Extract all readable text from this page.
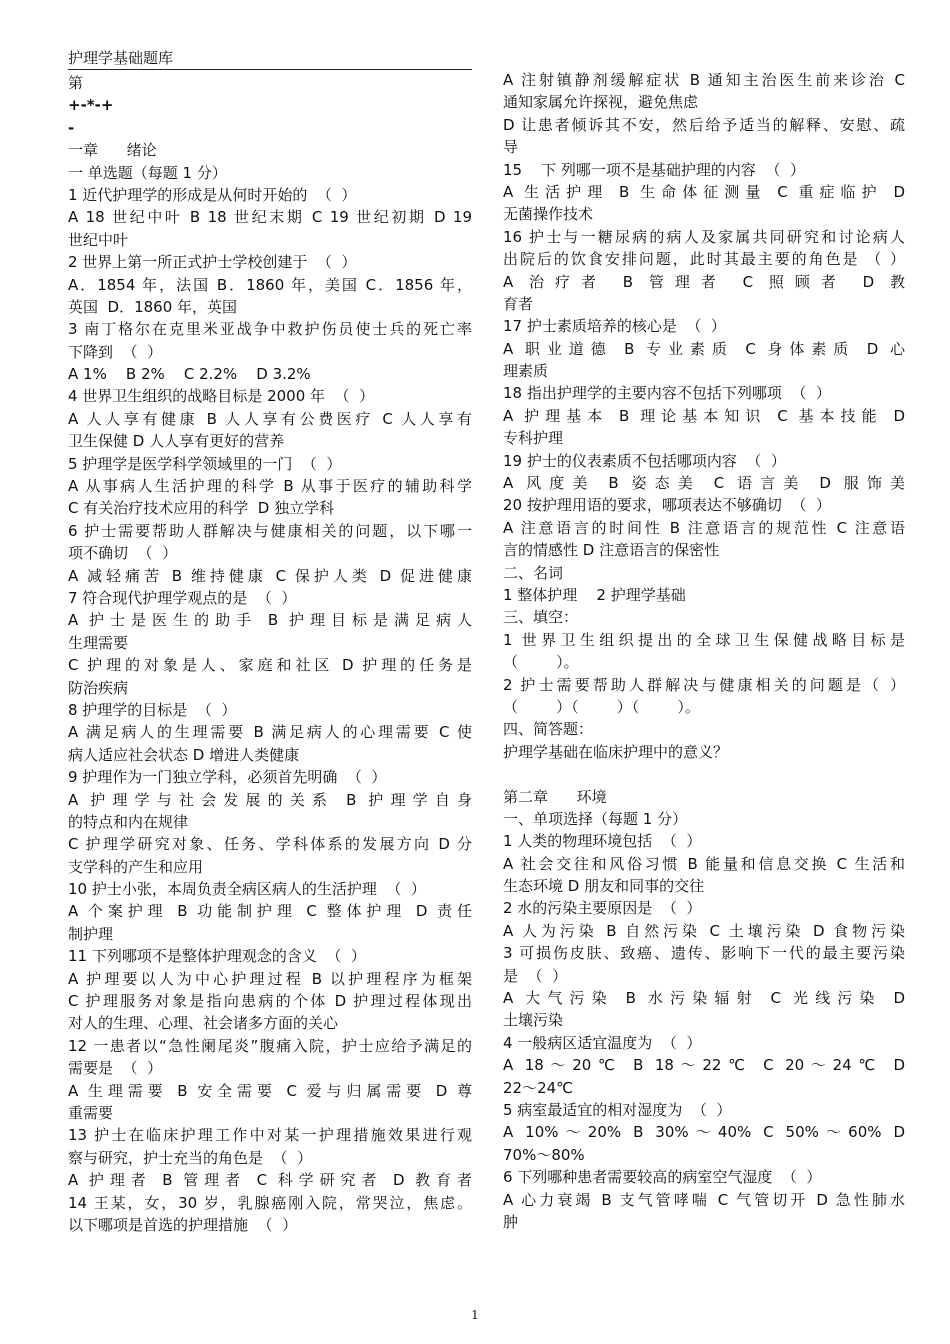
护理学基础题库
第
+-*-+
-
一章      绪论
一 单选题（每题 1 分）
1 近代护理学的形成是从何时开始的  （  ）
A 18 世纪中叶 B 18 世纪末期 C 19 世纪初期 D 19
世纪中叶
2 世界上第一所正式护士学校创建于  （  ）
A．1854 年，法国 B．1860 年，美国 C．1856 年，
英国  D．1860 年，英国
3 南丁格尔在克里米亚战争中救护伤员使士兵的死亡率
下降到  （  ）
A 1%    B 2%    C 2.2%    D 3.2%
4 世界卫生组织的战略目标是 2000 年  （  ）
A 人人享有健康 B 人人享有公费医疗 C 人人享有
卫生保健 D 人人享有更好的营养
5 护理学是医学科学领域里的一门  （  ）
A 从事病人生活护理的科学 B 从事于医疗的辅助科学
C 有关治疗技术应用的科学  D 独立学科
6 护士需要帮助人群解决与健康相关的问题，以下哪一
项不确切  （  ）
A 减轻痛苦 B 维持健康 C 保护人类 D 促进健康
7 符合现代护理学观点的是  （  ）
A 护士是医生的助手 B 护理目标是满足病人
生理需要
C 护理的对象是人、家庭和社区 D 护理的任务是
防治疾病
8 护理学的目标是  （  ）
A 满足病人的生理需要 B 满足病人的心理需要 C 使
病人适应社会状态 D 增进人类健康
9 护理作为一门独立学科，必须首先明确  （  ）
A 护理学与社会发展的关系 B 护理学自身
的特点和内在规律
C 护理学研究对象、任务、学科体系的发展方向 D 分
支学科的产生和应用
10 护士小张，本周负责全病区病人的生活护理  （  ）
A 个案护理 B 功能制护理 C 整体护理 D 责任
制护理
11 下列哪项不是整体护理观念的含义  （  ）
A 护理要以人为中心护理过程 B 以护理程序为框架
C 护理服务对象是指向患病的个体 D 护理过程体现出
对人的生理、心理、社会诸多方面的关心
12 一患者以“急性阑尾炎”腹痛入院，护士应给予满足的
需要是  （  ）
A 生理需要 B 安全需要 C 爱与归属需要 D 尊
重需要
13 护士在临床护理工作中对某一护理措施效果进行观
察与研究，护士充当的角色是  （  ）
A 护理者 B 管理者 C 科学研究者 D 教育者
14 王某，女，30 岁，乳腺癌刚入院，常哭泣，焦虑。
以下哪项是首选的护理措施  （  ）
A 注射镇静剂缓解症状 B 通知主治医生前来诊治 C
通知家属允许探视，避免焦虑
D 让患者倾诉其不安，然后给予适当的解释、安慰、疏
导
15    下 列哪一项不是基础护理的内容  （  ）
A 生活护理 B 生命体征测量 C 重症临护 D
无菌操作技术
16 护士与一糖尿病的病人及家属共同研究和讨论病人
出院后的饮食安排问题，此时其最主要的角色是 （ ）
A 治疗者 B 管理者 C 照顾者 D 教
育者
17 护士素质培养的核心是  （  ）
A 职业道德 B 专业素质 C 身体素质 D 心
理素质
18 指出护理学的主要内容不包括下列哪项  （  ）
A 护理基本 B 理论基本知识 C 基本技能 D
专科护理
19 护士的仪表素质不包括哪项内容  （  ）
A 风度美 B 姿态美 C 语言美 D 服饰美
20 按护理用语的要求，哪项表达不够确切  （  ）
A 注意语言的时间性 B 注意语言的规范性 C 注意语
言的情感性 D 注意语言的保密性
二、名词
1 整体护理    2 护理学基础
三、填空：
1 世界卫生组织提出的全球卫生保健战略目标是
（        ）。
2 护士需要帮助人群解决与健康相关的问题是（ ）
（        ）（        ）（        ）。
四、简答题：
护理学基础在临床护理中的意义？
第二章      环境
一、单项选择（每题 1 分）
1 人类的物理环境包括  （  ）
A 社会交往和风俗习惯 B 能量和信息交换 C 生活和
生态环境 D 朋友和同事的交往
2 水的污染主要原因是  （  ）
A 人为污染 B 自然污染 C 土壤污染 D 食物污染
3 可损伤皮肤、致癌、遗传、影响下一代的最主要污染
是  （  ）
A 大气污染 B 水污染辐射 C 光线污染 D
土壤污染
4 一般病区适宜温度为  （  ）
A 18～20℃ B 18～22℃ C 20～24℃ D
22～24℃
5 病室最适宜的相对湿度为  （  ）
A 10%～20% B 30%～40% C 50%～60% D
70%～80%
6 下列哪种患者需要较高的病室空气湿度  （  ）
A 心力衰竭 B 支气管哮喘 C 气管切开 D 急性肺水
肿
1
